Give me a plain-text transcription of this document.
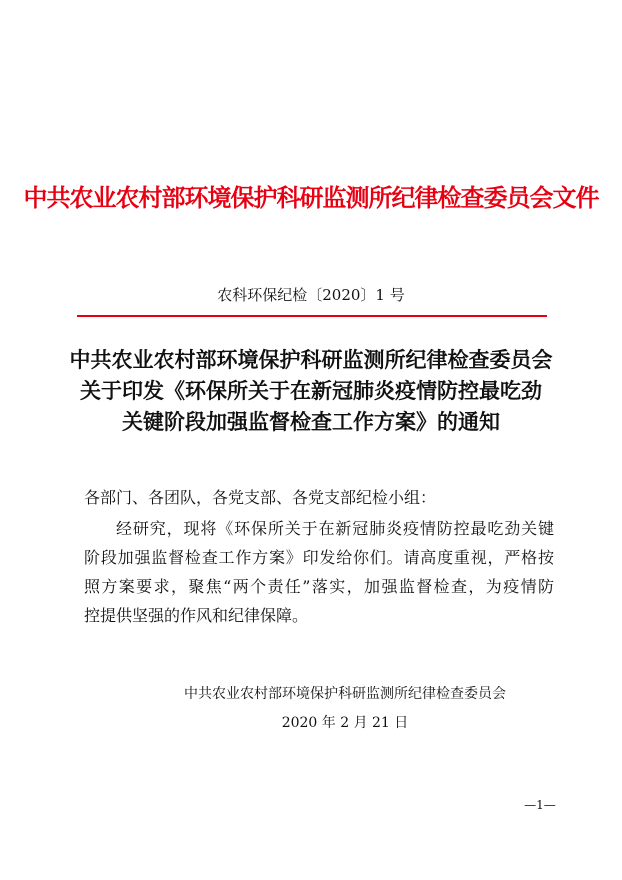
中共农业农村部环境保护科研监测所纪律检查委员会文件
农科环保纪检〔2020〕1 号
中共农业农村部环境保护科研监测所纪律检查委员会
关于印发《环保所关于在新冠肺炎疫情防控最吃劲
关键阶段加强监督检查工作方案》的通知
各部门、各团队，各党支部、各党支部纪检小组：
经研究，现将《环保所关于在新冠肺炎疫情防控最吃劲关键
阶段加强监督检查工作方案》印发给你们。请高度重视，严格按
照方案要求，聚焦“两个责任”落实，加强监督检查，为疫情防
控提供坚强的作风和纪律保障。
中共农业农村部环境保护科研监测所纪律检查委员会
2020 年 2 月 21 日
—1—
